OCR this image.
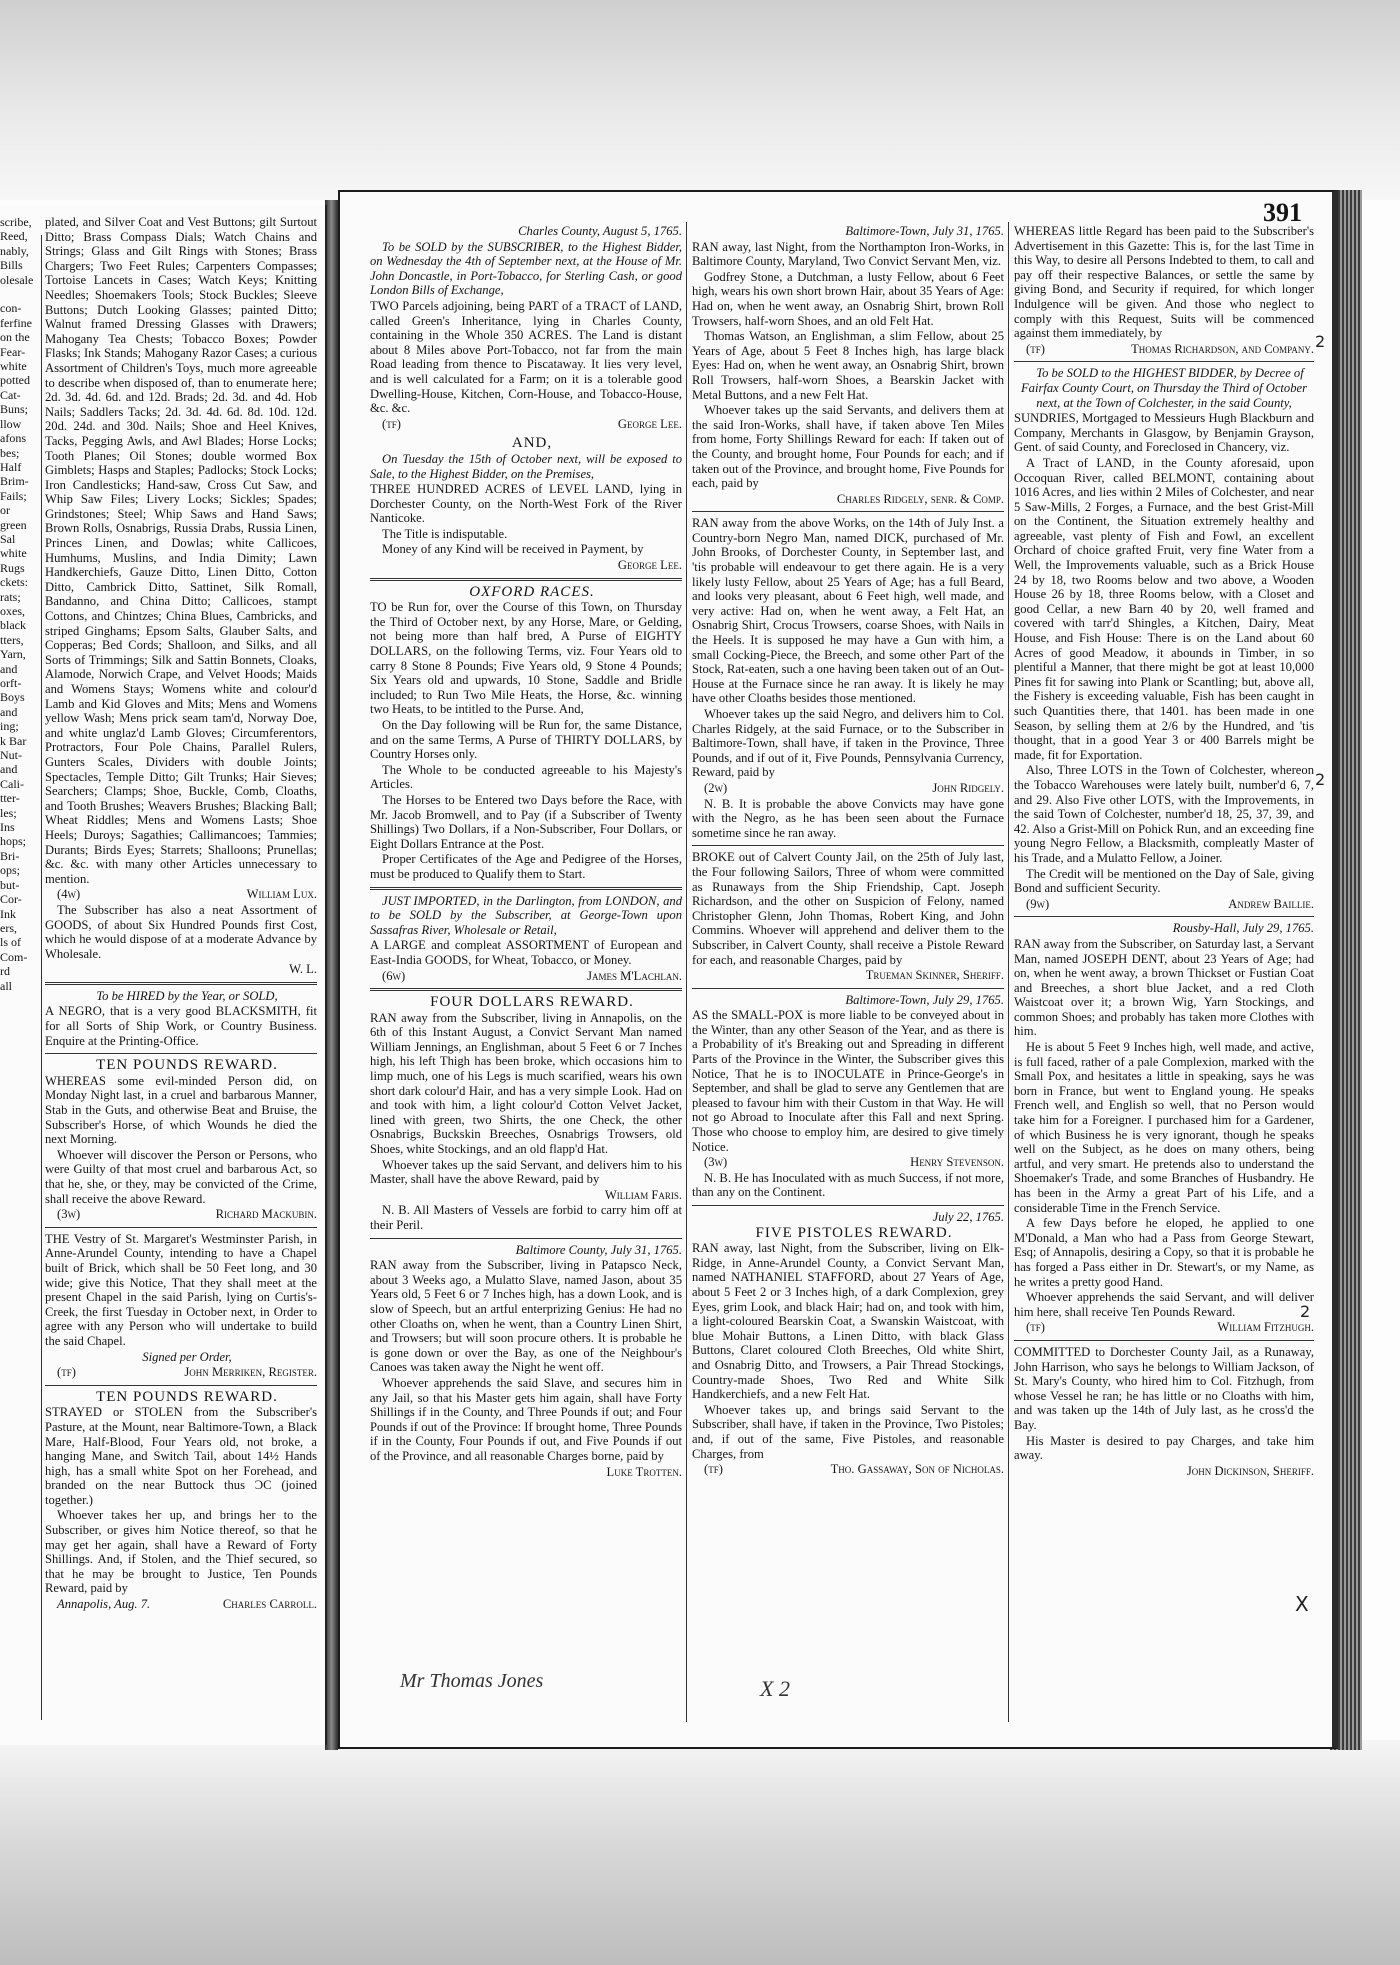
scribe,
Reed,
nably,
Bills
olesale

con-
ferfine
on the
Fear-
white
potted
Cat-
Buns;
llow
afons
bes;
Half
Brim-
Fails;
or
green
Sal
white
Rugs
ckets:
rats;
oxes,
black
tters,
Yarn,
and
orft-
Boys
and
ing;
k Bar
Nut-
and
Cali-
tter-
les;
Ins
hops;
Bri-
ops;
but-
Cor-
Ink
ers,
ls of
Com-
rd
all

plated, and Silver Coat and Vest Buttons; gilt Surtout Ditto; Brass Compass Dials; Watch Chains and Strings; Glass and Gilt Rings with Stones; Brass Chargers; Two Feet Rules; Carpenters Compasses; Tortoise Lancets in Cases; Watch Keys; Knitting Needles; Shoemakers Tools; Stock Buckles; Sleeve Buttons; Dutch Looking Glasses; painted Ditto; Walnut framed Dressing Glasses with Drawers; Mahogany Tea Chests; Tobacco Boxes; Powder Flasks; Ink Stands; Mahogany Razor Cases; a curious Assortment of Children's Toys, much more agreeable to describe when disposed of, than to enumerate here; 2d. 3d. 4d. 6d. and 12d. Brads; 2d. 3d. and 4d. Hob Nails; Saddlers Tacks; 2d. 3d. 4d. 6d. 8d. 10d. 12d. 20d. 24d. and 30d. Nails; Shoe and Heel Knives, Tacks, Pegging Awls, and Awl Blades; Horse Locks; Tooth Planes; Oil Stones; double wormed Box Gimblets; Hasps and Staples; Padlocks; Stock Locks; Iron Candlesticks; Hand-saw, Cross Cut Saw, and Whip Saw Files; Livery Locks; Sickles; Spades; Grindstones; Steel; Whip Saws and Hand Saws; Brown Rolls, Osnabrigs, Russia Drabs, Russia Linen, Princes Linen, and Dowlas; white Callicoes, Humhums, Muslins, and India Dimity; Lawn Handkerchiefs, Gauze Ditto, Linen Ditto, Cotton Ditto, Cambrick Ditto, Sattinet, Silk Romall, Bandanno, and China Ditto; Callicoes, stampt Cottons, and Chintzes; China Blues, Cambricks, and striped Ginghams; Epsom Salts, Glauber Salts, and Copperas; Bed Cords; Shalloon, and Silks, and all Sorts of Trimmings; Silk and Sattin Bonnets, Cloaks, Alamode, Norwich Crape, and Velvet Hoods; Maids and Womens Stays; Womens white and colour'd Lamb and Kid Gloves and Mits; Mens and Womens yellow Wash; Mens prick seam tam'd, Norway Doe, and white unglaz'd Lamb Gloves; Circumferentors, Protractors, Four Pole Chains, Parallel Rulers, Gunters Scales, Dividers with double Joints; Spectacles, Temple Ditto; Gilt Trunks; Hair Sieves; Searchers; Clamps; Shoe, Buckle, Comb, Cloaths, and Tooth Brushes; Weavers Brushes; Blacking Ball; Wheat Riddles; Mens and Womens Lasts; Shoe Heels; Duroys; Sagathies; Callimancoes; Tammies; Durants; Birds Eyes; Starrets; Shalloons; Prunellas; &c. &c. with many other Articles unnecessary to mention.

(4w)	William Lux.

The Subscriber has also a neat Assortment of GOODS, of about Six Hundred Pounds first Cost, which he would dispose of at a moderate Advance by Wholesale.

W. L.

To be HIRED by the Year, or SOLD,

A NEGRO, that is a very good BLACKSMITH, fit for all Sorts of Ship Work, or Country Business. Enquire at the Printing-Office.

TEN POUNDS REWARD.

WHEREAS some evil-minded Person did, on Monday Night last, in a cruel and barbarous Manner, Stab in the Guts, and otherwise Beat and Bruise, the Subscriber's Horse, of which Wounds he died the next Morning.

Whoever will discover the Person or Persons, who were Guilty of that most cruel and barbarous Act, so that he, she, or they, may be convicted of the Crime, shall receive the above Reward.

(3w)	Richard Mackubin.

THE Vestry of St. Margaret's Westminster Parish, in Anne-Arundel County, intending to have a Chapel built of Brick, which shall be 50 Feet long, and 30 wide; give this Notice, That they shall meet at the present Chapel in the said Parish, lying on Curtis's-Creek, the first Tuesday in October next, in Order to agree with any Person who will undertake to build the said Chapel.

Signed per Order,

(tf)	John Merriken, Register.

TEN POUNDS REWARD.

STRAYED or STOLEN from the Subscriber's Pasture, at the Mount, near Baltimore-Town, a Black Mare, Half-Blood, Four Years old, not broke, a hanging Mane, and Switch Tail, about 14½ Hands high, has a small white Spot on her Forehead, and branded on the near Buttock thus ƆC (joined together.)

Whoever takes her up, and brings her to the Subscriber, or gives him Notice thereof, so that he may get her again, shall have a Reward of Forty Shillings. And, if Stolen, and the Thief secured, so that he may be brought to Justice, Ten Pounds Reward, paid by

Annapolis, Aug. 7.	Charles Carroll.

391

Charles County, August 5, 1765.

To be SOLD by the SUBSCRIBER, to the Highest Bidder, on Wednesday the 4th of September next, at the House of Mr. John Doncastle, in Port-Tobacco, for Sterling Cash, or good London Bills of Exchange,

TWO Parcels adjoining, being PART of a TRACT of LAND, called Green's Inheritance, lying in Charles County, containing in the Whole 350 ACRES. The Land is distant about 8 Miles above Port-Tobacco, not far from the main Road leading from thence to Piscataway. It lies very level, and is well calculated for a Farm; on it is a tolerable good Dwelling-House, Kitchen, Corn-House, and Tobacco-House, &c. &c.

(tf)	George Lee.

AND,

On Tuesday the 15th of October next, will be exposed to Sale, to the Highest Bidder, on the Premises,

THREE HUNDRED ACRES of LEVEL LAND, lying in Dorchester County, on the North-West Fork of the River Nanticoke.

The Title is indisputable.

Money of any Kind will be received in Payment, by

George Lee.

OXFORD RACES.

TO be Run for, over the Course of this Town, on Thursday the Third of October next, by any Horse, Mare, or Gelding, not being more than half bred, A Purse of EIGHTY DOLLARS, on the following Terms, viz. Four Years old to carry 8 Stone 8 Pounds; Five Years old, 9 Stone 4 Pounds; Six Years old and upwards, 10 Stone, Saddle and Bridle included; to Run Two Mile Heats, the Horse, &c. winning two Heats, to be intitled to the Purse. And,

On the Day following will be Run for, the same Distance, and on the same Terms, A Purse of THIRTY DOLLARS, by Country Horses only.

The Whole to be conducted agreeable to his Majesty's Articles.

The Horses to be Entered two Days before the Race, with Mr. Jacob Bromwell, and to Pay (if a Subscriber of Twenty Shillings) Two Dollars, if a Non-Subscriber, Four Dollars, or Eight Dollars Entrance at the Post.

Proper Certificates of the Age and Pedigree of the Horses, must be produced to Qualify them to Start.

JUST IMPORTED, in the Darlington, from LONDON, and to be SOLD by the Subscriber, at George-Town upon Sassafras River, Wholesale or Retail,

A LARGE and compleat ASSORTMENT of European and East-India GOODS, for Wheat, Tobacco, or Money.

(6w)	James M'Lachlan.

FOUR DOLLARS REWARD.

RAN away from the Subscriber, living in Annapolis, on the 6th of this Instant August, a Convict Servant Man named William Jennings, an Englishman, about 5 Feet 6 or 7 Inches high, his left Thigh has been broke, which occasions him to limp much, one of his Legs is much scarified, wears his own short dark colour'd Hair, and has a very simple Look. Had on and took with him, a light colour'd Cotton Velvet Jacket, lined with green, two Shirts, the one Check, the other Osnabrigs, Buckskin Breeches, Osnabrigs Trowsers, old Shoes, white Stockings, and an old flapp'd Hat.

Whoever takes up the said Servant, and delivers him to his Master, shall have the above Reward, paid by

William Faris.

N. B. All Masters of Vessels are forbid to carry him off at their Peril.

Baltimore County, July 31, 1765.

RAN away from the Subscriber, living in Patapsco Neck, about 3 Weeks ago, a Mulatto Slave, named Jason, about 35 Years old, 5 Feet 6 or 7 Inches high, has a down Look, and is slow of Speech, but an artful enterprizing Genius: He had no other Cloaths on, when he went, than a Country Linen Shirt, and Trowsers; but will soon procure others. It is probable he is gone down or over the Bay, as one of the Neighbour's Canoes was taken away the Night he went off.

Whoever apprehends the said Slave, and secures him in any Jail, so that his Master gets him again, shall have Forty Shillings if in the County, and Three Pounds if out; and Four Pounds if out of the Province: If brought home, Three Pounds if in the County, Four Pounds if out, and Five Pounds if out of the Province, and all reasonable Charges borne, paid by

Luke Trotten.

Baltimore-Town, July 31, 1765.

RAN away, last Night, from the Northampton Iron-Works, in Baltimore County, Maryland, Two Convict Servant Men, viz.

Godfrey Stone, a Dutchman, a lusty Fellow, about 6 Feet high, wears his own short brown Hair, about 35 Years of Age: Had on, when he went away, an Osnabrig Shirt, brown Roll Trowsers, half-worn Shoes, and an old Felt Hat.

Thomas Watson, an Englishman, a slim Fellow, about 25 Years of Age, about 5 Feet 8 Inches high, has large black Eyes: Had on, when he went away, an Osnabrig Shirt, brown Roll Trowsers, half-worn Shoes, a Bearskin Jacket with Metal Buttons, and a new Felt Hat.

Whoever takes up the said Servants, and delivers them at the said Iron-Works, shall have, if taken above Ten Miles from home, Forty Shillings Reward for each: If taken out of the County, and brought home, Four Pounds for each; and if taken out of the Province, and brought home, Five Pounds for each, paid by

Charles Ridgely, senr. & Comp.

RAN away from the above Works, on the 14th of July Inst. a Country-born Negro Man, named DICK, purchased of Mr. John Brooks, of Dorchester County, in September last, and 'tis probable will endeavour to get there again. He is a very likely lusty Fellow, about 25 Years of Age; has a full Beard, and looks very pleasant, about 6 Feet high, well made, and very active: Had on, when he went away, a Felt Hat, an Osnabrig Shirt, Crocus Trowsers, coarse Shoes, with Nails in the Heels. It is supposed he may have a Gun with him, a small Cocking-Piece, the Breech, and some other Part of the Stock, Rat-eaten, such a one having been taken out of an Out-House at the Furnace since he ran away. It is likely he may have other Cloaths besides those mentioned.

Whoever takes up the said Negro, and delivers him to Col. Charles Ridgely, at the said Furnace, or to the Subscriber in Baltimore-Town, shall have, if taken in the Province, Three Pounds, and if out of it, Five Pounds, Pennsylvania Currency, Reward, paid by

(2w)	John Ridgely.

N. B. It is probable the above Convicts may have gone with the Negro, as he has been seen about the Furnace sometime since he ran away.

BROKE out of Calvert County Jail, on the 25th of July last, the Four following Sailors, Three of whom were committed as Runaways from the Ship Friendship, Capt. Joseph Richardson, and the other on Suspicion of Felony, named Christopher Glenn, John Thomas, Robert King, and John Commins. Whoever will apprehend and deliver them to the Subscriber, in Calvert County, shall receive a Pistole Reward for each, and reasonable Charges, paid by

Trueman Skinner, Sheriff.

Baltimore-Town, July 29, 1765.

AS the SMALL-POX is more liable to be conveyed about in the Winter, than any other Season of the Year, and as there is a Probability of it's Breaking out and Spreading in different Parts of the Province in the Winter, the Subscriber gives this Notice, That he is to INOCULATE in Prince-George's in September, and shall be glad to serve any Gentlemen that are pleased to favour him with their Custom in that Way. He will not go Abroad to Inoculate after this Fall and next Spring. Those who choose to employ him, are desired to give timely Notice.

(3w)	Henry Stevenson.

N. B. He has Inoculated with as much Success, if not more, than any on the Continent.

July 22, 1765.

FIVE PISTOLES REWARD.

RAN away, last Night, from the Subscriber, living on Elk-Ridge, in Anne-Arundel County, a Convict Servant Man, named NATHANIEL STAFFORD, about 27 Years of Age, about 5 Feet 2 or 3 Inches high, of a dark Complexion, grey Eyes, grim Look, and black Hair; had on, and took with him, a light-coloured Bearskin Coat, a Swanskin Waistcoat, with blue Mohair Buttons, a Linen Ditto, with black Glass Buttons, Claret coloured Cloth Breeches, Old white Shirt, and Osnabrig Ditto, and Trowsers, a Pair Thread Stockings, Country-made Shoes, Two Red and White Silk Handkerchiefs, and a new Felt Hat.

Whoever takes up, and brings said Servant to the Subscriber, shall have, if taken in the Province, Two Pistoles; and, if out of the same, Five Pistoles, and reasonable Charges, from

(tf)	Tho. Gassaway, Son of Nicholas.

WHEREAS little Regard has been paid to the Subscriber's Advertisement in this Gazette: This is, for the last Time in this Way, to desire all Persons Indebted to them, to call and pay off their respective Balances, or settle the same by giving Bond, and Security if required, for which longer Indulgence will be given. And those who neglect to comply with this Request, Suits will be commenced against them immediately, by

(tf)	Thomas Richardson, and Company.

To be SOLD to the HIGHEST BIDDER, by Decree of Fairfax County Court, on Thursday the Third of October next, at the Town of Colchester, in the said County,

SUNDRIES, Mortgaged to Messieurs Hugh Blackburn and Company, Merchants in Glasgow, by Benjamin Grayson, Gent. of said County, and Foreclosed in Chancery, viz.

A Tract of LAND, in the County aforesaid, upon Occoquan River, called BELMONT, containing about 1016 Acres, and lies within 2 Miles of Colchester, and near 5 Saw-Mills, 2 Forges, a Furnace, and the best Grist-Mill on the Continent, the Situation extremely healthy and agreeable, vast plenty of Fish and Fowl, an excellent Orchard of choice grafted Fruit, very fine Water from a Well, the Improvements valuable, such as a Brick House 24 by 18, two Rooms below and two above, a Wooden House 26 by 18, three Rooms below, with a Closet and good Cellar, a new Barn 40 by 20, well framed and covered with tarr'd Shingles, a Kitchen, Dairy, Meat House, and Fish House: There is on the Land about 60 Acres of good Meadow, it abounds in Timber, in so plentiful a Manner, that there might be got at least 10,000 Pines fit for sawing into Plank or Scantling; but, above all, the Fishery is exceeding valuable, Fish has been caught in such Quantities there, that 1401. has been made in one Season, by selling them at 2/6 by the Hundred, and 'tis thought, that in a good Year 3 or 400 Barrels might be made, fit for Exportation.

Also, Three LOTS in the Town of Colchester, whereon the Tobacco Warehouses were lately built, number'd 6, 7, and 29. Also Five other LOTS, with the Improvements, in the said Town of Colchester, number'd 18, 25, 37, 39, and 42. Also a Grist-Mill on Pohick Run, and an exceeding fine young Negro Fellow, a Blacksmith, compleatly Master of his Trade, and a Mulatto Fellow, a Joiner.

The Credit will be mentioned on the Day of Sale, giving Bond and sufficient Security.

(9w)	Andrew Baillie.

Rousby-Hall, July 29, 1765.

RAN away from the Subscriber, on Saturday last, a Servant Man, named JOSEPH DENT, about 23 Years of Age; had on, when he went away, a brown Thickset or Fustian Coat and Breeches, a short blue Jacket, and a red Cloth Waistcoat over it; a brown Wig, Yarn Stockings, and common Shoes; and probably has taken more Clothes with him.

He is about 5 Feet 9 Inches high, well made, and active, is full faced, rather of a pale Complexion, marked with the Small Pox, and hesitates a little in speaking, says he was born in France, but went to England young. He speaks French well, and English so well, that no Person would take him for a Foreigner. I purchased him for a Gardener, of which Business he is very ignorant, though he speaks well on the Subject, as he does on many others, being artful, and very smart. He pretends also to understand the Shoemaker's Trade, and some Branches of Husbandry. He has been in the Army a great Part of his Life, and a considerable Time in the French Service.

A few Days before he eloped, he applied to one M'Donald, a Man who had a Pass from George Stewart, Esq; of Annapolis, desiring a Copy, so that it is probable he has forged a Pass either in Dr. Stewart's, or my Name, as he writes a pretty good Hand.

Whoever apprehends the said Servant, and will deliver him here, shall receive Ten Pounds Reward.

(tf)	William Fitzhugh.

COMMITTED to Dorchester County Jail, as a Runaway, John Harrison, who says he belongs to William Jackson, of St. Mary's County, who hired him to Col. Fitzhugh, from whose Vessel he ran; he has little or no Cloaths with him, and was taken up the 14th of July last, as he cross'd the Bay.

His Master is desired to pay Charges, and take him away.

John Dickinson, Sheriff.

Mr Thomas Jones	X 2
2
2
2
X
